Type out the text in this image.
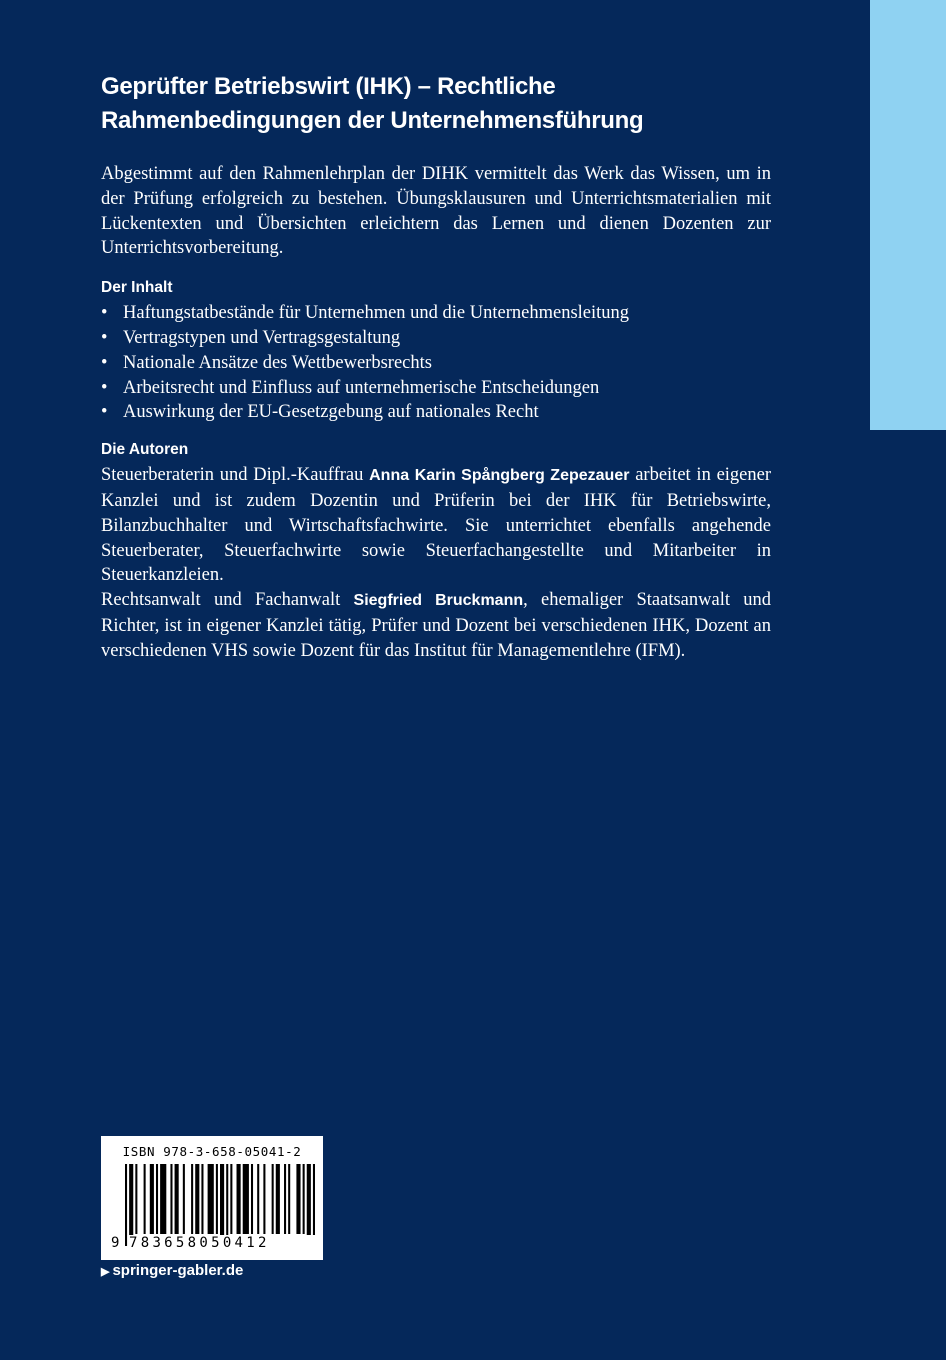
Geprüfter Betriebswirt (IHK) – Rechtliche Rahmenbedingungen der Unternehmensführung

Abgestimmt auf den Rahmenlehrplan der DIHK vermittelt das Werk das Wissen, um in der Prüfung erfolgreich zu bestehen. Übungsklausuren und Unterrichtsmaterialien mit Lückentexten und Übersichten erleichtern das Lernen und dienen Dozenten zur Unterrichtsvorbereitung.

Der Inhalt
• Haftungstatbestände für Unternehmen und die Unternehmensleitung
• Vertragstypen und Vertragsgestaltung
• Nationale Ansätze des Wettbewerbsrechts
• Arbeitsrecht und Einfluss auf unternehmerische Entscheidungen
• Auswirkung der EU-Gesetzgebung auf nationales Recht
Die Autoren

Steuerberaterin und Dipl.-Kauffrau Anna Karin Spångberg Zepezauer arbeitet in eigener Kanzlei und ist zudem Dozentin und Prüferin bei der IHK für Betriebswirte, Bilanzbuchhalter und Wirtschaftsfachwirte. Sie unterrichtet ebenfalls angehende Steuerberater, Steuerfachwirte sowie Steuerfachangestellte und Mitarbeiter in Steuerkanzleien.
Rechtsanwalt und Fachanwalt Siegfried Bruckmann, ehemaliger Staatsanwalt und Richter, ist in eigener Kanzlei tätig, Prüfer und Dozent bei verschiedenen IHK, Dozent an verschiedenen VHS sowie Dozent für das Institut für Managementlehre (IFM).

ISBN 978-3-658-05041-2
9 783658050412
▶ springer-gabler.de
